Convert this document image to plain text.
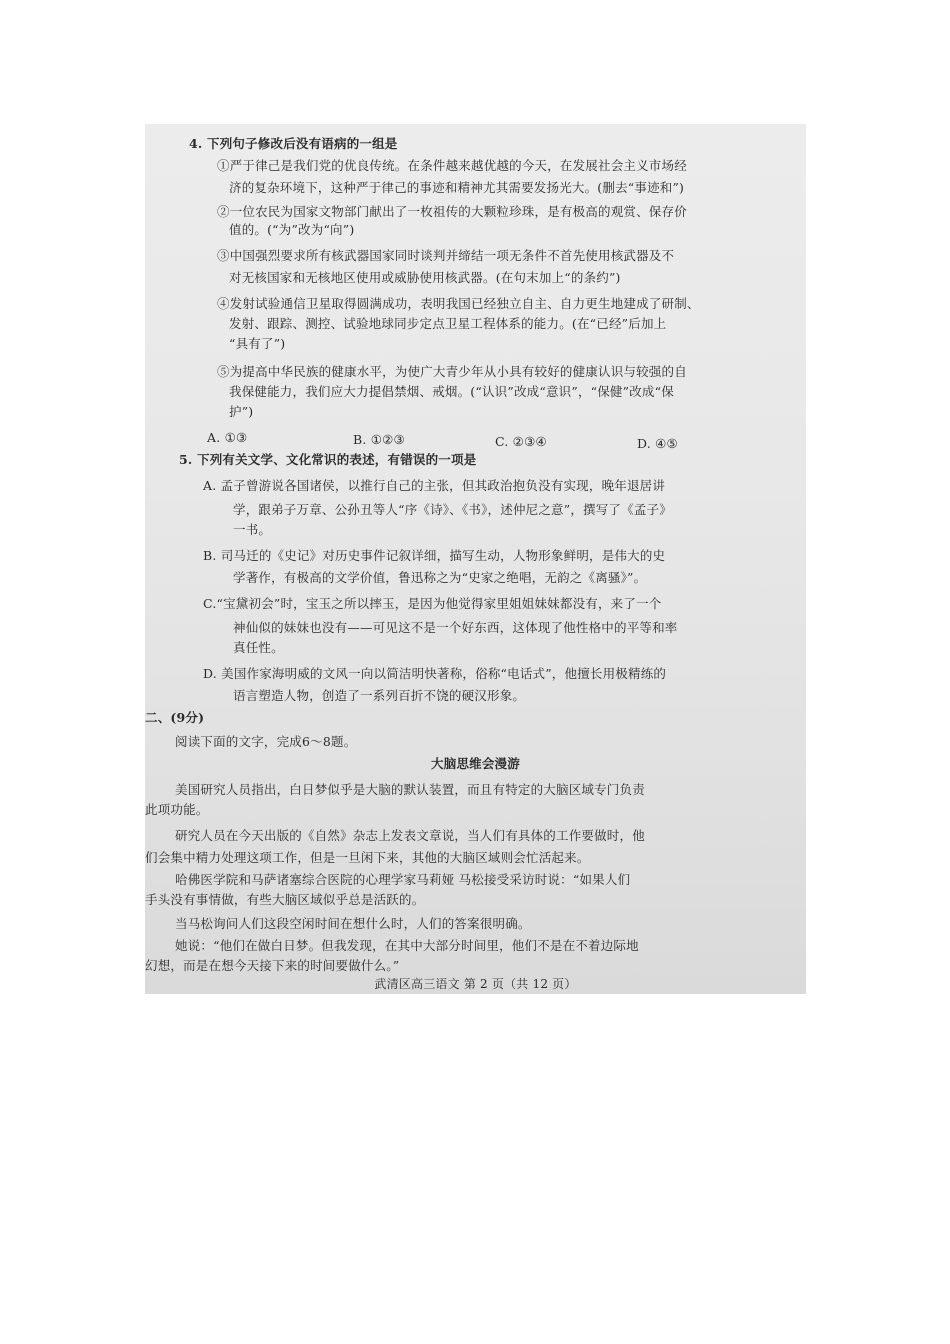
4. 下列句子修改后没有语病的一组是
①严于律己是我们党的优良传统。在条件越来越优越的今天，在发展社会主义市场经
济的复杂环境下，这种严于律己的事迹和精神尤其需要发扬光大。(删去“事迹和”)
②一位农民为国家文物部门献出了一枚祖传的大颗粒珍珠，是有极高的观赏、保存价
值的。(“为”改为“向”)
③中国强烈要求所有核武器国家同时谈判并缔结一项无条件不首先使用核武器及不
对无核国家和无核地区使用或威胁使用核武器。(在句末加上“的条约”)
④发射试验通信卫星取得圆满成功，表明我国已经独立自主、自力更生地建成了研制、
发射、跟踪、测控、试验地球同步定点卫星工程体系的能力。(在“已经”后加上
“具有了”)
⑤为提高中华民族的健康水平，为使广大青少年从小具有较好的健康认识与较强的自
我保健能力，我们应大力提倡禁烟、戒烟。(“认识”改成“意识”，“保健”改成“保
护”)
A. ①③	B. ①②③	C. ②③④	D. ④⑤
5. 下列有关文学、文化常识的表述，有错误的一项是
A. 孟子曾游说各国诸侯，以推行自己的主张，但其政治抱负没有实现，晚年退居讲
学，跟弟子万章、公孙丑等人“序《诗》、《书》，述仲尼之意”，撰写了《孟子》
一书。
B. 司马迁的《史记》对历史事件记叙详细，描写生动，人物形象鲜明，是伟大的史
学著作，有极高的文学价值，鲁迅称之为“史家之绝唱，无韵之《离骚》”。
C.“宝黛初会”时，宝玉之所以摔玉，是因为他觉得家里姐姐妹妹都没有，来了一个
神仙似的妹妹也没有——可见这不是一个好东西，这体现了他性格中的平等和率
真任性。
D. 美国作家海明威的文风一向以简洁明快著称，俗称“电话式”，他擅长用极精练的
语言塑造人物，创造了一系列百折不饶的硬汉形象。
二、(9分)
阅读下面的文字，完成6～8题。
大脑思维会漫游
美国研究人员指出，白日梦似乎是大脑的默认装置，而且有特定的大脑区域专门负责
此项功能。
研究人员在今天出版的《自然》杂志上发表文章说，当人们有具体的工作要做时，他
们会集中精力处理这项工作，但是一旦闲下来，其他的大脑区域则会忙活起来。
哈佛医学院和马萨诸塞综合医院的心理学家马莉娅 马松接受采访时说：“如果人们
手头没有事情做，有些大脑区域似乎总是活跃的。
当马松询问人们这段空闲时间在想什么时，人们的答案很明确。
她说：“他们在做白日梦。但我发现，在其中大部分时间里，他们不是在不着边际地
幻想，而是在想今天接下来的时间要做什么。”
武清区高三语文 第 2 页（共 12 页）
